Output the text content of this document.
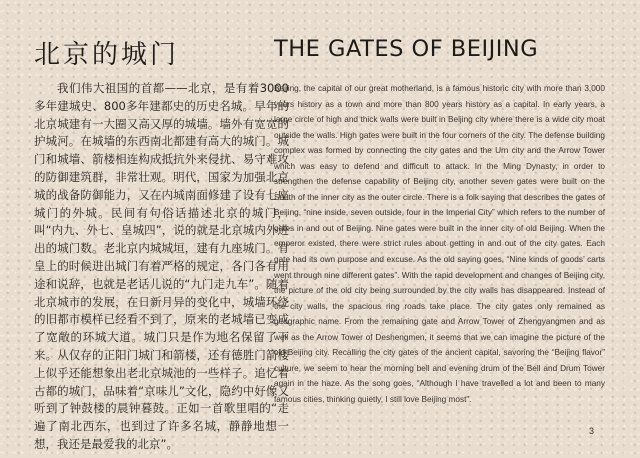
北京的城门

我们伟大祖国的首都——北京，是有着3000多年建城史、800多年建都史的历史名城。早年的北京城建有一大圈又高又厚的城墙。墙外有宽宽的护城河。在城墙的东西南北都建有高大的城门。城门和城墙、箭楼相连构成抵抗外来侵扰、易守难攻的防御建筑群，非常壮观。明代，国家为加强北京城的战备防御能力，又在内城南面修建了设有七座城门的外城。民间有句俗话描述北京的城门，叫“内九、外七、皇城四”，说的就是北京城内外进出的城门数。老北京内城城垣，建有九座城门。有皇上的时候进出城门有着严格的规定，各门各有用途和说辞，也就是老话儿说的“九门走九车”。随着北京城市的发展，在日新月异的变化中，城墙环绕的旧都市模样已经看不到了，原来的老城墙已变成了宽敞的环城大道。城门只是作为地名保留了下来。从仅存的正阳门城门和箭楼，还有德胜门箭楼上似乎还能想象出老北京城池的一些样子。追忆着古都的城门，品味着“京味儿”文化，隐约中好像又听到了钟鼓楼的晨钟暮鼓。正如一首歌里唱的“走遍了南北西东，也到过了许多名城，静静地想一想，我还是最爱我的北京”。

THE GATES OF BEIJING

Beijing, the capital of our great motherland, is a famous historic city with more than 3,000 years history as a town and more than 800 years history as a capital. In early years, a large circle of high and thick walls were built in Beijing city where there is a wide city moat outside the walls. High gates were built in the four corners of the city. The defense building complex was formed by connecting the city gates and the Urn city and the Arrow Tower which was easy to defend and difficult to attack. In the Ming Dynasty, in order to strengthen the defense capability of Beijing city, another seven gates were built on the South of the inner city as the outer circle. There is a folk saying that describes the gates of Beijing, “nine inside, seven outside, four in the Imperial City” which refers to the number of gates in and out of Beijing. Nine gates were built in the inner city of old Beijing. When the emperor existed, there were strict rules about getting in and out of the city gates. Each gate had its own purpose and excuse. As the old saying goes, “Nine kinds of goods’ carts went through nine different gates”. With the rapid development and changes of Beijing city, the picture of the old city being surrounded by the city walls has disappeared. Instead of the city walls, the spacious ring roads take place. The city gates only remained as geographic name. From the remaining gate and Arrow Tower of Zhengyangmen and as well as the Arrow Tower of Deshengmen, it seems that we can imagine the picture of the old Beijing city. Recalling the city gates of the ancient capital, savoring the “Beijing flavor” culture, we seem to hear the morning bell and evening drum of the Bell and Drum Tower again in the haze. As the song goes, “Although I have travelled a lot and been to many famous cities, thinking quietly, I still love Beijing most”.

3
